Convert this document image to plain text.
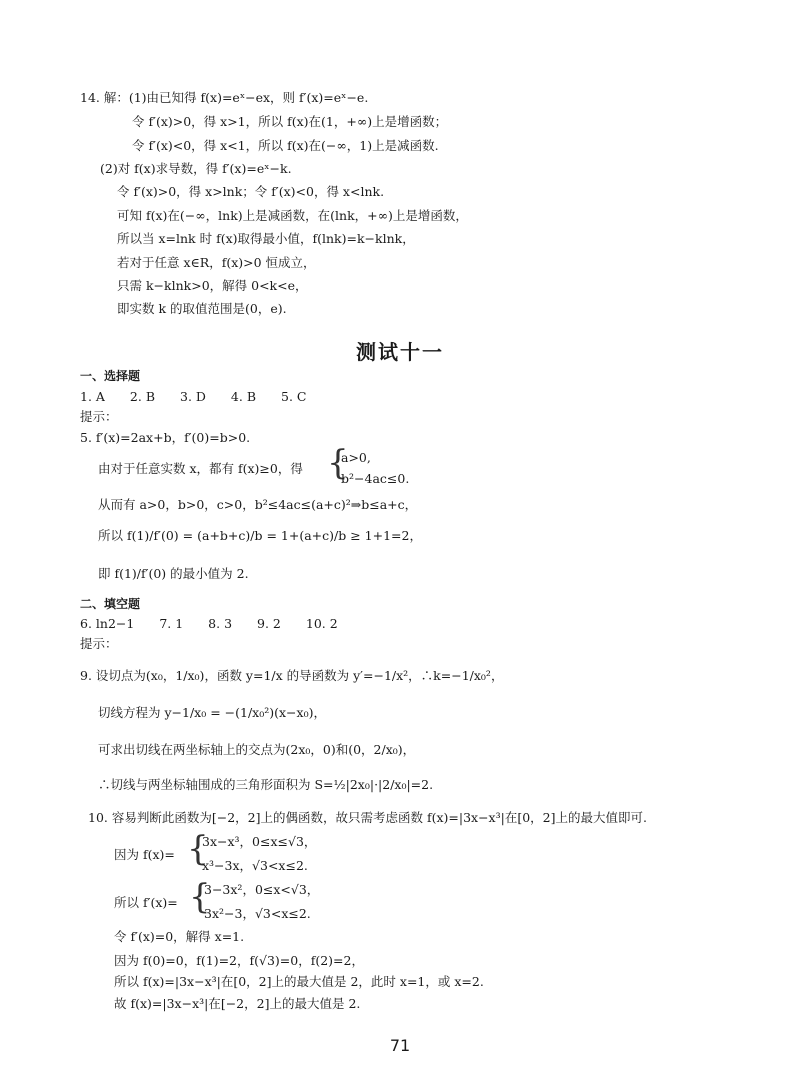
14. 解：(1)由已知得 f(x)=eˣ−ex，则 f′(x)=eˣ−e.
令 f′(x)>0，得 x>1，所以 f(x)在(1，+∞)上是增函数；
令 f′(x)<0，得 x<1，所以 f(x)在(−∞，1)上是减函数.
(2)对 f(x)求导数，得 f′(x)=eˣ−k.
令 f′(x)>0，得 x>lnk；令 f′(x)<0，得 x<lnk.
可知 f(x)在(−∞，lnk)上是减函数，在(lnk，+∞)上是增函数，
所以当 x=lnk 时 f(x)取得最小值，f(lnk)=k−klnk，
若对于任意 x∈R，f(x)>0 恒成立，
只需 k−klnk>0，解得 0<k<e，
即实数 k 的取值范围是(0，e).
测试十一
一、选择题
1. A　　2. B　　3. D　　4. B　　5. C
提示：
5. f′(x)=2ax+b，f′(0)=b>0.
由对于任意实数 x，都有 f(x)≥0，得 {
a>0,
b²−4ac≤0.
从而有 a>0，b>0，c>0，b²≤4ac≤(a+c)²⇒b≤a+c，
所以 f(1)/f′(0) = (a+b+c)/b = 1+(a+c)/b ≥ 1+1=2，
即 f(1)/f′(0) 的最小值为 2.
二、填空题
6. ln2−1　　7. 1　　8. 3　　9. 2　　10. 2
提示：
9. 设切点为(x₀，1/x₀)，函数 y=1/x 的导函数为 y′=−1/x²，∴k=−1/x₀²，
切线方程为 y−1/x₀ = −(1/x₀²)(x−x₀)，
可求出切线在两坐标轴上的交点为(2x₀，0)和(0，2/x₀)，
∴切线与两坐标轴围成的三角形面积为 S=½|2x₀|·|2/x₀|=2.
10. 容易判断此函数为[−2，2]上的偶函数，故只需考虑函数 f(x)=|3x−x³|在[0，2]上的最大值即可.
因为 f(x)= {
3x−x³，0≤x≤√3，
x³−3x，√3<x≤2.
所以 f′(x)= {
3−3x²，0≤x<√3，
3x²−3，√3<x≤2.
令 f′(x)=0，解得 x=1.
因为 f(0)=0，f(1)=2，f(√3)=0，f(2)=2，
所以 f(x)=|3x−x³|在[0，2]上的最大值是 2，此时 x=1，或 x=2.
故 f(x)=|3x−x³|在[−2，2]上的最大值是 2.
71
